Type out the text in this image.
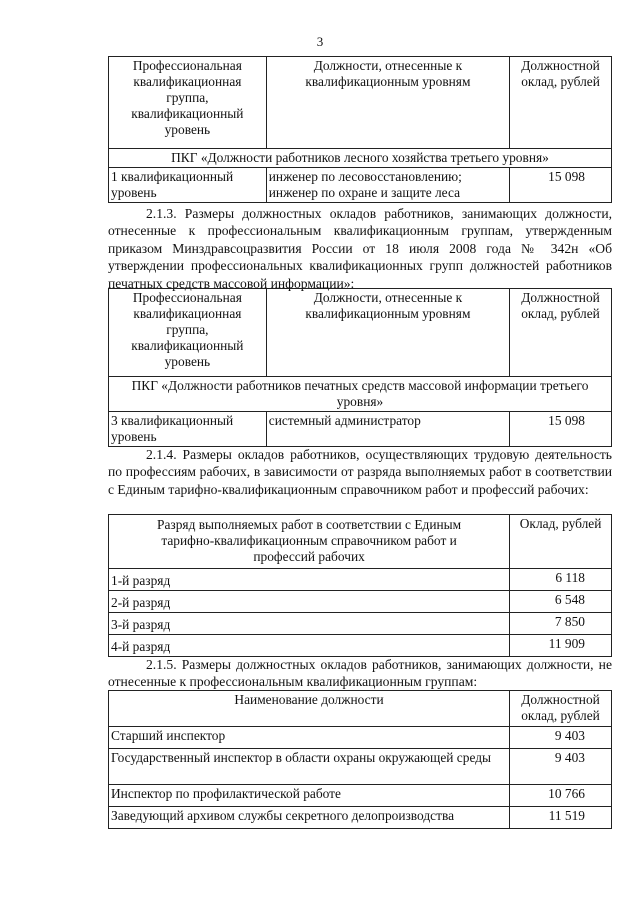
3
Профессиональная квалификационная группа, квалификационный уровень	Должности, отнесенные к квалификационным уровням	Должностной оклад, рублей
ПКГ «Должности работников лесного хозяйства третьего уровня»		
1 квалификационный уровень	инженер по лесовосстановлению; инженер по охране и защите леса	15 098
2.1.3. Размеры должностных окладов работников, занимающих должности, отнесенные к профессиональным квалификационным группам, утвержденным приказом Минздравсоцразвития России от 18 июля 2008 года № 342н «Об утверждении профессиональных квалификационных групп должностей работников печатных средств массовой информации»:
Профессиональная квалификационная группа, квалификационный уровень	Должности, отнесенные к квалификационным уровням	Должностной оклад, рублей
ПКГ «Должности работников печатных средств массовой информации третьего уровня»		
3 квалификационный уровень	системный администратор	15 098
2.1.4. Размеры окладов работников, осуществляющих трудовую деятельность по профессиям рабочих, в зависимости от разряда выполняемых работ в соответствии с Единым тарифно-квалификационным справочником работ и профессий рабочих:
Разряд выполняемых работ в соответствии с Единым тарифно-квалификационным справочником работ и профессий рабочих	Оклад, рублей
1-й разряд	6 118
2-й разряд	6 548
3-й разряд	7 850
4-й разряд	11 909
2.1.5. Размеры должностных окладов работников, занимающих должности, не отнесенные к профессиональным квалификационным группам:
Наименование должности	Должностной оклад, рублей
Старший инспектор	9 403
Государственный инспектор в области охраны окружающей среды	9 403
Инспектор по профилактической работе	10 766
Заведующий архивом службы секретного делопроизводства	11 519
